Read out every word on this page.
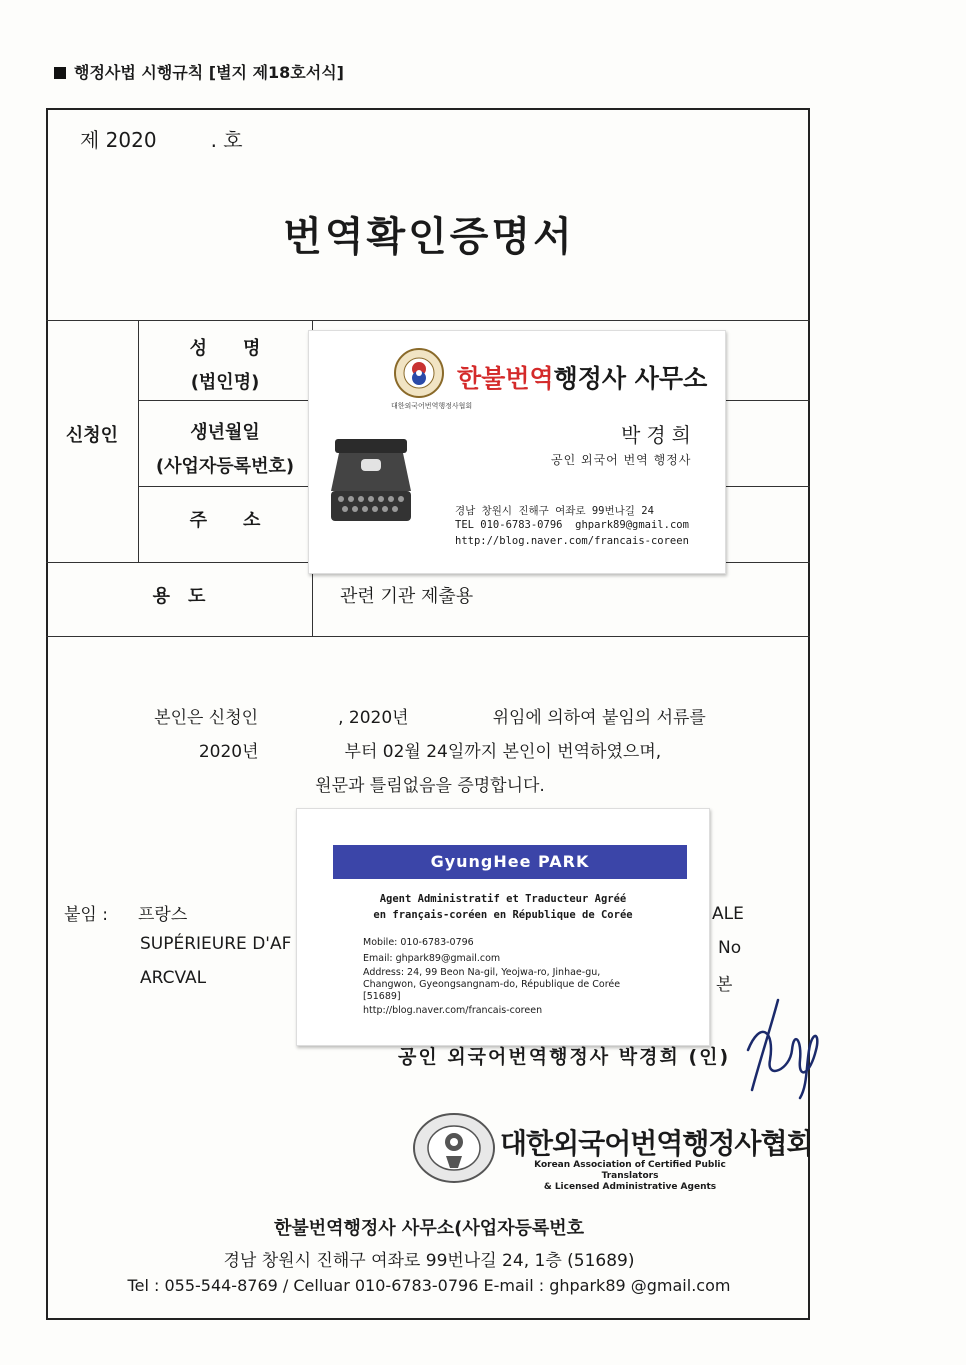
행정사법 시행규칙 [별지 제18호서식]
제 2020	. 호
번역확인증명서
신청인
성　　명
(법인명)
생년월일
(사업자등록번호)
주　　소
용　도	관련 기관 제출용
대한외국어번역행정사협회
한불번역행정사 사무소
박경희
공인 외국어 번역 행정사
경남 창원시 진해구 여좌로 99번나길 24
TEL 010-6783-0796 ghpark89@gmail.com
http://blog.naver.com/francais-coreen
본인은 신청인	, 2020년	위임에 의하여 붙임의 서류를
2020년	부터 02월 24일까지 본인이 번역하였으며,
원문과 틀림없음을 증명합니다.
붙임 : 프랑스
SUPÉRIEURE D'AF
ARCVAL
ALE
No
본
GyungHee PARK
Agent Administratif et Traducteur Agréé
en français-coréen en République de Corée
Mobile: 010-6783-0796
Email: ghpark89@gmail.com
Address: 24, 99 Beon Na-gil, Yeojwa-ro, Jinhae-gu,
Changwon, Gyeongsangnam-do, République de Corée
[51689]
http://blog.naver.com/francais-coreen
공인 외국어번역행정사 박경희 (인)
대한외국어번역행정사협회
Korean Association of Certified Public Translators
& Licensed Administrative Agents
한불번역행정사 사무소(사업자등록번호
경남 창원시 진해구 여좌로 99번나길 24, 1층 (51689)
Tel : 055-544-8769 / Celluar 010-6783-0796 E-mail : ghpark89 @gmail.com
